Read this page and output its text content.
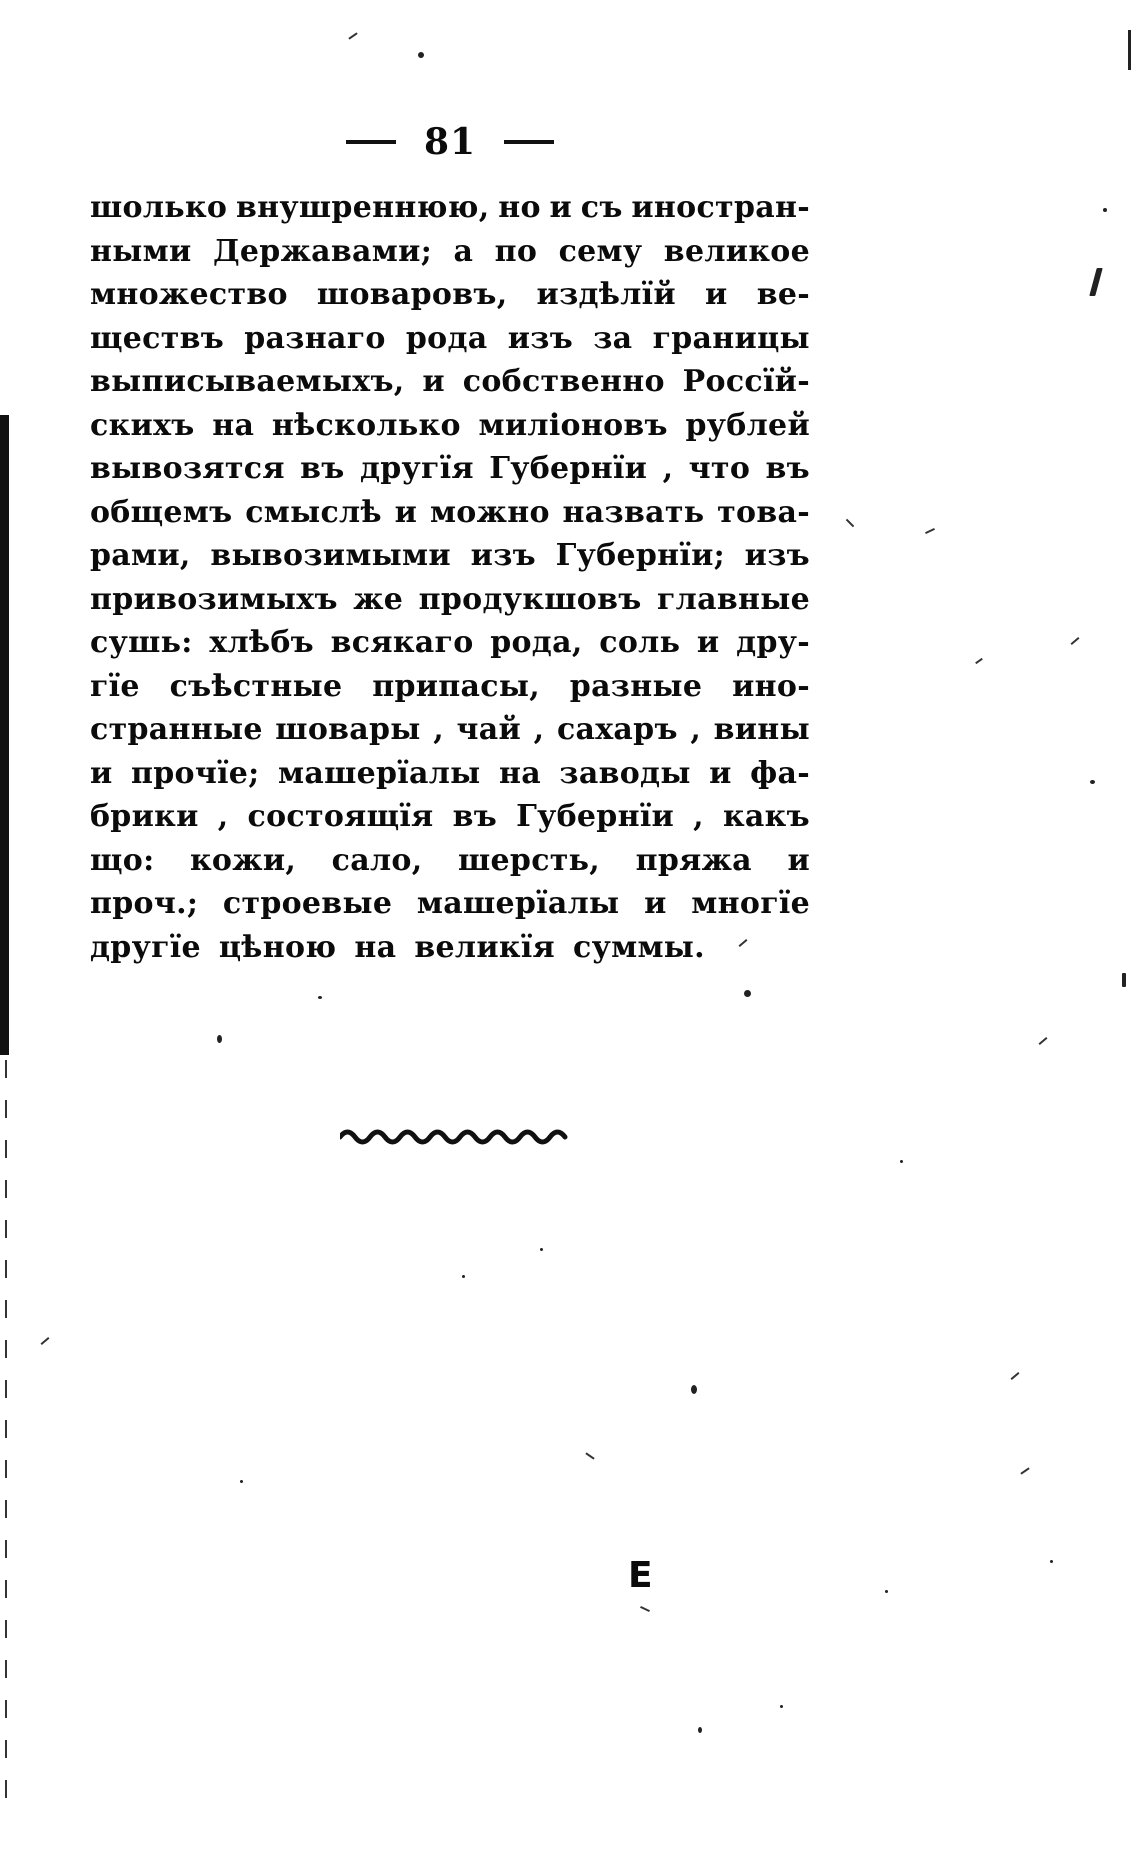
81
шолько внушреннюю, но и съ иностран-
ными Державами; а по сему великое
множество шоваровъ, издѣлїй и ве-
ществъ разнаго рода изъ за границы
выписываемыхъ, и собственно Россїй-
скихъ на нѣсколько миліоновъ рублей
вывозятся въ другїя Губернїи , что въ
общемъ смыслѣ и можно назвать това-
рами, вывозимыми изъ Губернїи; изъ
привозимыхъ же продукшовъ главные
сушь: хлѣбъ всякаго рода, соль и дру-
гїе съѣстные припасы, разные ино-
странные шовары , чай , сахаръ , вины
и прочїе; машерїалы на заводы и фа-
брики , состоящїя въ Губернїи , какъ
що: кожи, сало, шерсть, пряжа и
проч.; строевые машерїалы и многїе
другїе цѣною на великїя суммы.
E
